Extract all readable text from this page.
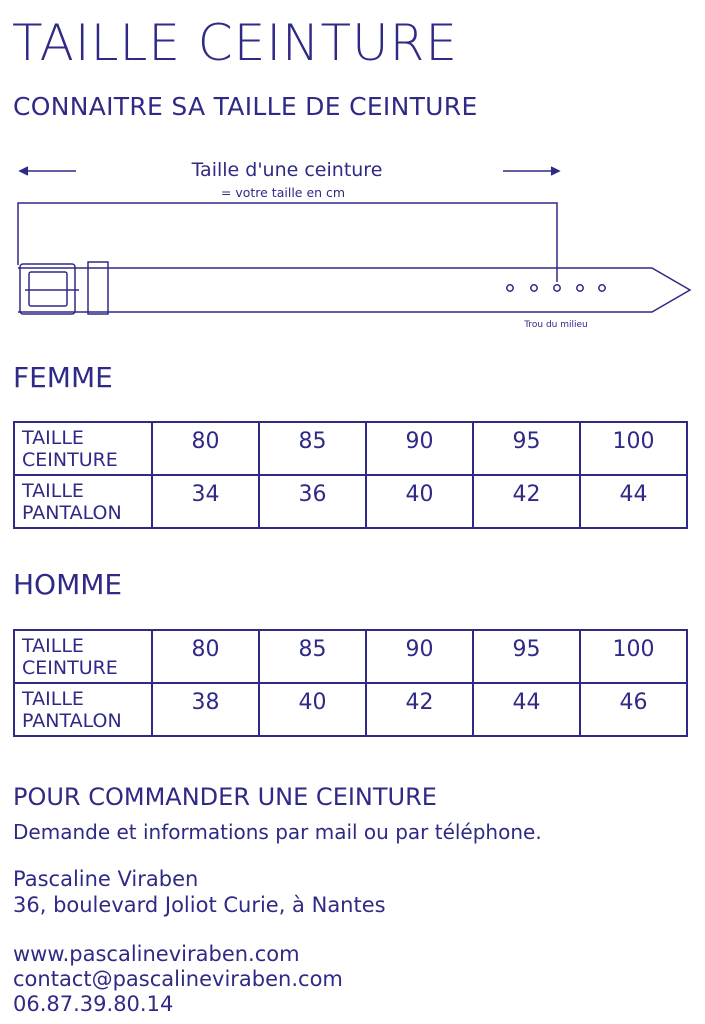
TAILLE CEINTURE
CONNAITRE SA TAILLE DE CEINTURE
Taille d'une ceinture
= votre taille en cm
Trou du milieu
FEMME
TAILLE
CEINTURE	80	85	90	95	100

TAILLE
PANTALON	34	36	40	42	44
HOMME
TAILLE
CEINTURE	80	85	90	95	100

TAILLE
PANTALON	38	40	42	44	46
POUR COMMANDER UNE CEINTURE
Demande et informations par mail ou par téléphone.
Pascaline Viraben
36, boulevard Joliot Curie, à Nantes
www.pascalineviraben.com
contact@pascalineviraben.com
06.87.39.80.14
